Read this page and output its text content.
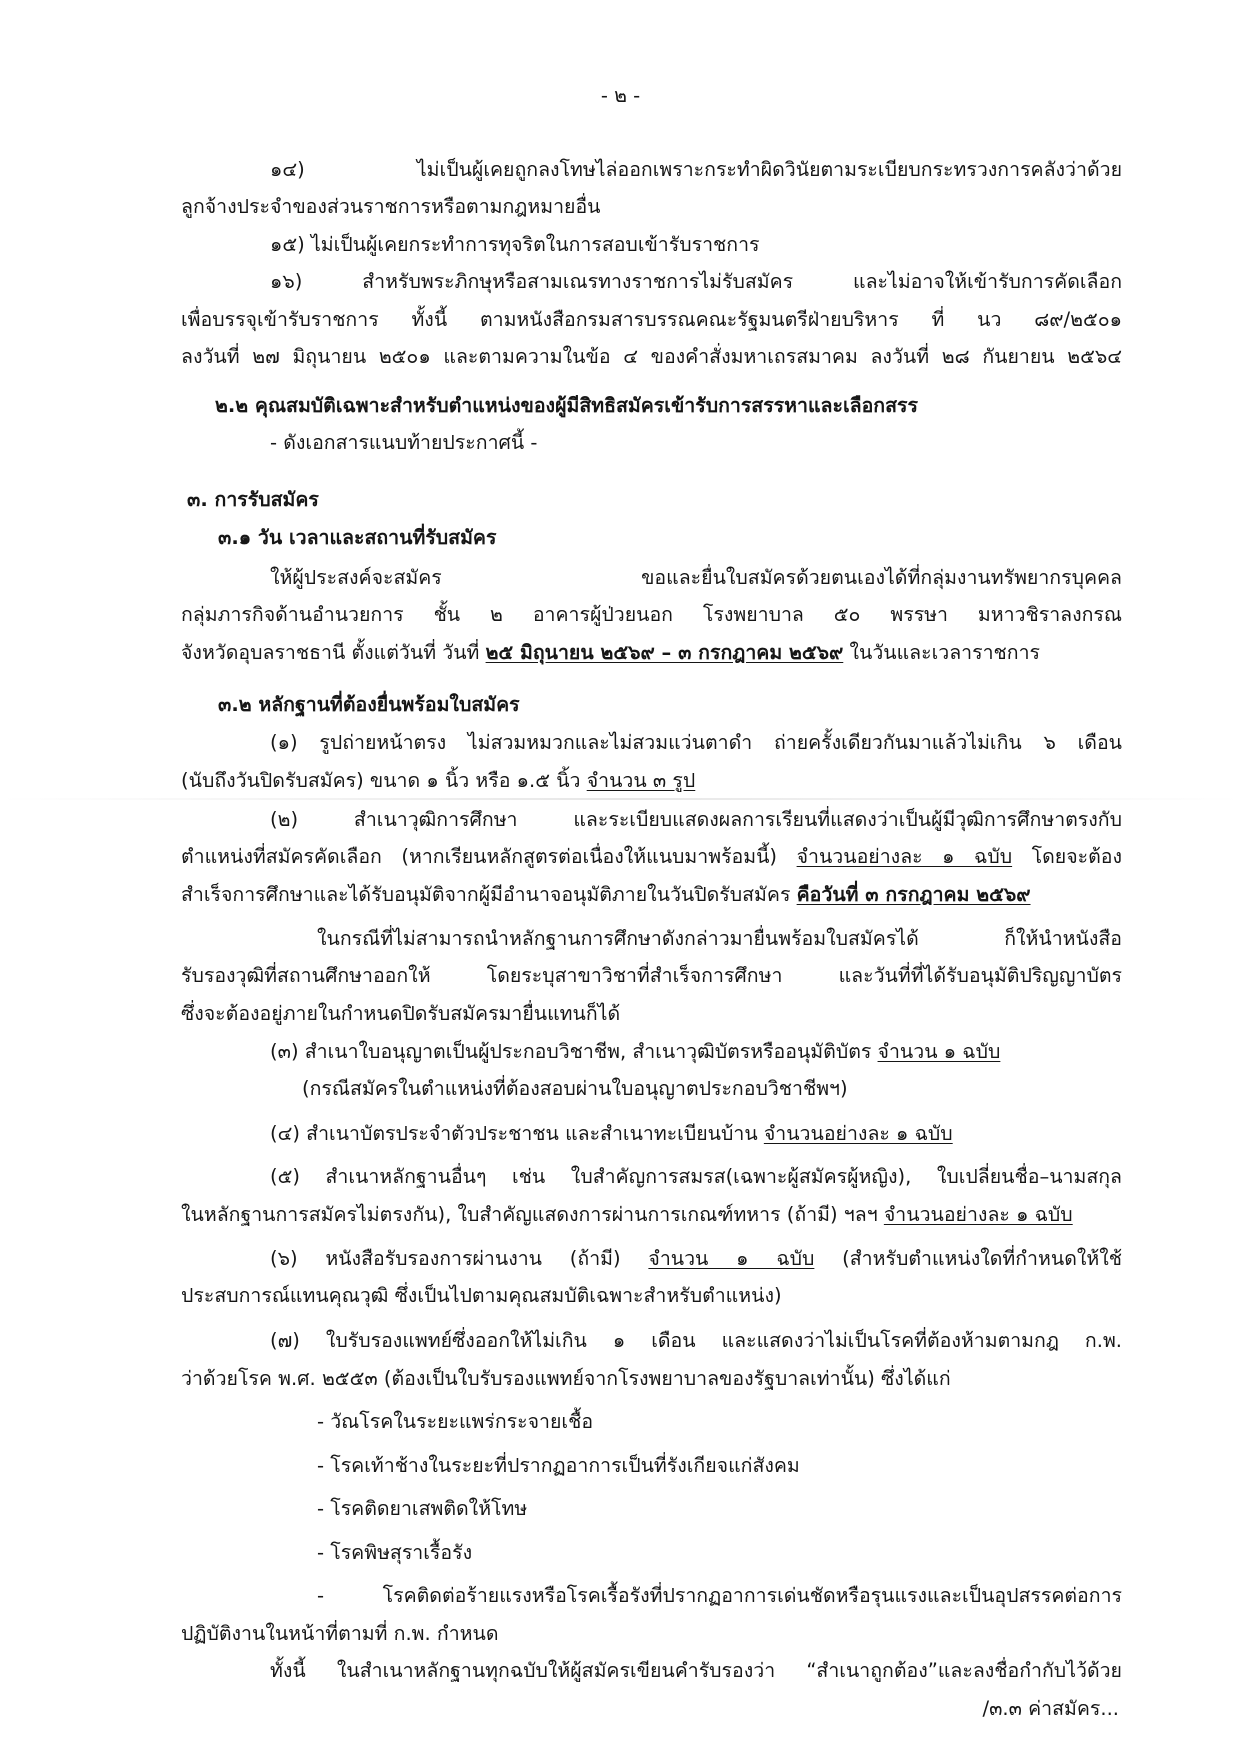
- ๒ -
๑๔) ไม่เป็นผู้เคยถูกลงโทษไล่ออกเพราะกระทำผิดวินัยตามระเบียบกระทรวงการคลังว่าด้วย
ลูกจ้างประจำของส่วนราชการหรือตามกฎหมายอื่น
๑๕) ไม่เป็นผู้เคยกระทำการทุจริตในการสอบเข้ารับราชการ
๑๖) สำหรับพระภิกษุหรือสามเณรทางราชการไม่รับสมัคร และไม่อาจให้เข้ารับการคัดเลือก
เพื่อบรรจุเข้ารับราชการ ทั้งนี้ ตามหนังสือกรมสารบรรณคณะรัฐมนตรีฝ่ายบริหาร ที่ นว ๘๙/๒๕๐๑
ลงวันที่ ๒๗ มิถุนายน ๒๕๐๑ และตามความในข้อ ๔ ของคำสั่งมหาเถรสมาคม ลงวันที่ ๒๘ กันยายน ๒๕๖๔
๒.๒ คุณสมบัติเฉพาะสำหรับตำแหน่งของผู้มีสิทธิสมัครเข้ารับการสรรหาและเลือกสรร
- ดังเอกสารแนบท้ายประกาศนี้ -
๓. การรับสมัคร
๓.๑ วัน เวลาและสถานที่รับสมัคร
ให้ผู้ประสงค์จะสมัคร ขอและยื่นใบสมัครด้วยตนเองได้ที่กลุ่มงานทรัพยากรบุคคล
กลุ่มภารกิจด้านอำนวยการ ชั้น ๒ อาคารผู้ป่วยนอก โรงพยาบาล ๕๐ พรรษา มหาวชิราลงกรณ
จังหวัดอุบลราชธานี ตั้งแต่วันที่ วันที่ ๒๕ มิถุนายน ๒๕๖๙ – ๓ กรกฎาคม ๒๕๖๙ ในวันและเวลาราชการ
๓.๒ หลักฐานที่ต้องยื่นพร้อมใบสมัคร
(๑) รูปถ่ายหน้าตรง ไม่สวมหมวกและไม่สวมแว่นตาดำ ถ่ายครั้งเดียวกันมาแล้วไม่เกิน ๖ เดือน
(นับถึงวันปิดรับสมัคร) ขนาด ๑ นิ้ว หรือ ๑.๕ นิ้ว จำนวน ๓ รูป
(๒) สำเนาวุฒิการศึกษา และระเบียบแสดงผลการเรียนที่แสดงว่าเป็นผู้มีวุฒิการศึกษาตรงกับ
ตำแหน่งที่สมัครคัดเลือก (หากเรียนหลักสูตรต่อเนื่องให้แนบมาพร้อมนี้) จำนวนอย่างละ ๑ ฉบับ โดยจะต้อง
สำเร็จการศึกษาและได้รับอนุมัติจากผู้มีอำนาจอนุมัติภายในวันปิดรับสมัคร คือวันที่ ๓ กรกฎาคม ๒๕๖๙
ในกรณีที่ไม่สามารถนำหลักฐานการศึกษาดังกล่าวมายื่นพร้อมใบสมัครได้ ก็ให้นำหนังสือ
รับรองวุฒิที่สถานศึกษาออกให้ โดยระบุสาขาวิชาที่สำเร็จการศึกษา และวันที่ที่ได้รับอนุมัติปริญญาบัตร
ซึ่งจะต้องอยู่ภายในกำหนดปิดรับสมัครมายื่นแทนก็ได้
(๓) สำเนาใบอนุญาตเป็นผู้ประกอบวิชาชีพ, สำเนาวุฒิบัตรหรืออนุมัติบัตร จำนวน ๑ ฉบับ
(กรณีสมัครในตำแหน่งที่ต้องสอบผ่านใบอนุญาตประกอบวิชาชีพฯ)
(๔) สำเนาบัตรประจำตัวประชาชน และสำเนาทะเบียนบ้าน จำนวนอย่างละ ๑ ฉบับ
(๕) สำเนาหลักฐานอื่นๆ เช่น ใบสำคัญการสมรส(เฉพาะผู้สมัครผู้หญิง), ใบเปลี่ยนชื่อ–นามสกุล
ในหลักฐานการสมัครไม่ตรงกัน), ใบสำคัญแสดงการผ่านการเกณฑ์ทหาร (ถ้ามี) ฯลฯ จำนวนอย่างละ ๑ ฉบับ
(๖) หนังสือรับรองการผ่านงาน (ถ้ามี) จำนวน ๑ ฉบับ (สำหรับตำแหน่งใดที่กำหนดให้ใช้
ประสบการณ์แทนคุณวุฒิ ซึ่งเป็นไปตามคุณสมบัติเฉพาะสำหรับตำแหน่ง)
(๗) ใบรับรองแพทย์ซึ่งออกให้ไม่เกิน ๑ เดือน และแสดงว่าไม่เป็นโรคที่ต้องห้ามตามกฎ ก.พ.
ว่าด้วยโรค พ.ศ. ๒๕๕๓ (ต้องเป็นใบรับรองแพทย์จากโรงพยาบาลของรัฐบาลเท่านั้น) ซึ่งได้แก่
- วัณโรคในระยะแพร่กระจายเชื้อ
- โรคเท้าช้างในระยะที่ปรากฏอาการเป็นที่รังเกียจแก่สังคม
- โรคติดยาเสพติดให้โทษ
- โรคพิษสุราเรื้อรัง
- โรคติดต่อร้ายแรงหรือโรคเรื้อรังที่ปรากฏอาการเด่นชัดหรือรุนแรงและเป็นอุปสรรคต่อการ
ปฏิบัติงานในหน้าที่ตามที่ ก.พ. กำหนด
ทั้งนี้ ในสำเนาหลักฐานทุกฉบับให้ผู้สมัครเขียนคำรับรองว่า “สำเนาถูกต้อง”และลงชื่อกำกับไว้ด้วย
/๓.๓ ค่าสมัคร...
